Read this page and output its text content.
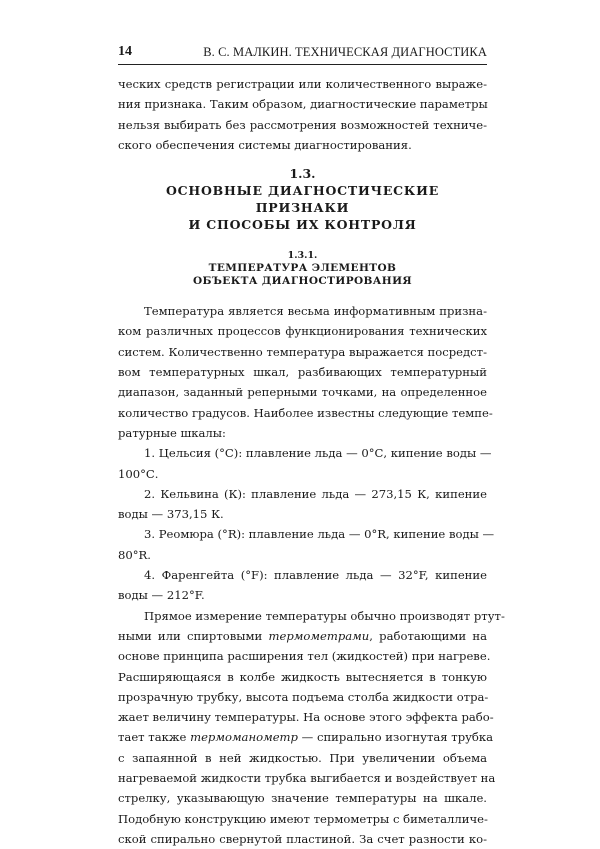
14	В. С. МАЛКИН. ТЕХНИЧЕСКАЯ ДИАГНОСТИКА

ческих средств регистрации или количественного выраже-
ния признака. Таким образом, диагностические параметры
нельзя выбирать без рассмотрения возможностей техниче-
ского обеспечения системы диагностирования.

1.3.
ОСНОВНЫЕ ДИАГНОСТИЧЕСКИЕ ПРИЗНАКИ
И СПОСОБЫ ИХ КОНТРОЛЯ
1.3.1.
ТЕМПЕРАТУРА ЭЛЕМЕНТОВ
ОБЪЕКТА ДИАГНОСТИРОВАНИЯ

Температура является весьма информативным призна-
ком различных процессов функционирования технических
систем. Количественно температура выражается посредст-
вом температурных шкал, разбивающих температурный
диапазон, заданный реперными точками, на определенное
количество градусов. Наиболее известны следующие темпе-
ратурные шкалы:

1. Цельсия (°С): плавление льда — 0°С, кипение воды —
100°С.

2. Кельвина (К): плавление льда — 273,15 К, кипение
воды — 373,15 К.

3. Реомюра (°R): плавление льда — 0°R, кипение воды —
80°R.

4. Фаренгейта (°F): плавление льда — 32°F, кипение
воды — 212°F.

Прямое измерение температуры обычно производят ртут-
ными или спиртовыми термометрами, работающими на
основе принципа расширения тел (жидкостей) при нагреве.
Расширяющаяся в колбе жидкость вытесняется в тонкую
прозрачную трубку, высота подъема столба жидкости отра-
жает величину температуры. На основе этого эффекта рабо-
тает также термоманометр — спирально изогнутая трубка
с запаянной в ней жидкостью. При увеличении объема
нагреваемой жидкости трубка выгибается и воздействует на
стрелку, указывающую значение температуры на шкале.
Подобную конструкцию имеют термометры с биметалличе-
ской спирально свернутой пластиной. За счет разности ко-
